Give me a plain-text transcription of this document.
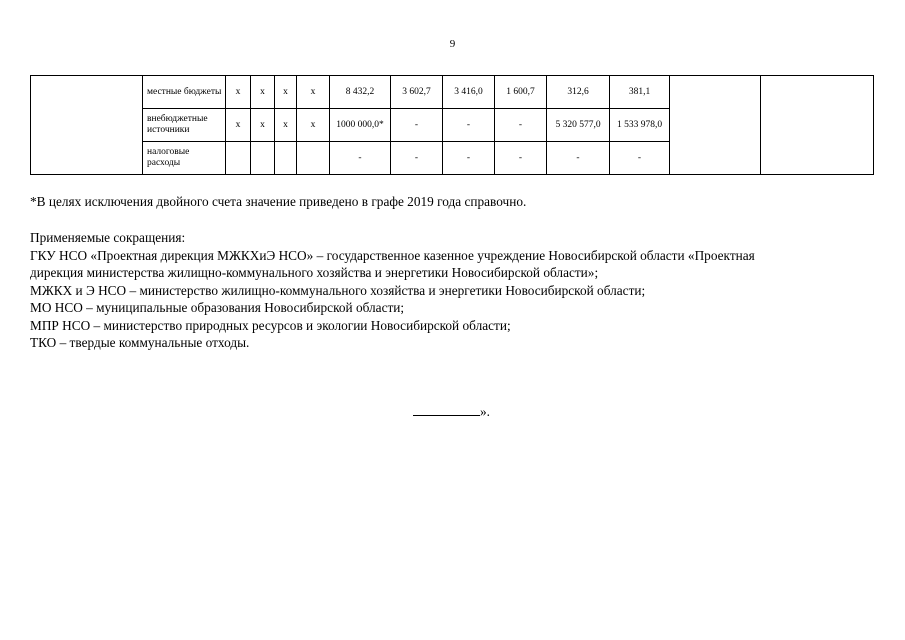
9
	местные бюджеты	х	х	х	х	8 432,2	3 602,7	3 416,0	1 600,7	312,6	381,1		
	внебюджетные источники	х	х	х	х	1000 000,0*	-	-	-	5 320 577,0	1 533 978,0		
	налоговые расходы					-	-	-	-	-	-		
*В целях исключения двойного счета значение приведено в графе 2019 года справочно.
Применяемые сокращения:
ГКУ НСО «Проектная дирекция МЖКХиЭ НСО» – государственное казенное учреждение Новосибирской области «Проектная
дирекция министерства жилищно-коммунального хозяйства и энергетики Новосибирской области»;
МЖКХ и Э НСО – министерство жилищно-коммунального хозяйства и энергетики Новосибирской области;
МО НСО – муниципальные образования Новосибирской области;
МПР НСО – министерство природных ресурсов и экологии Новосибирской области;
ТКО – твердые коммунальные отходы.
».
